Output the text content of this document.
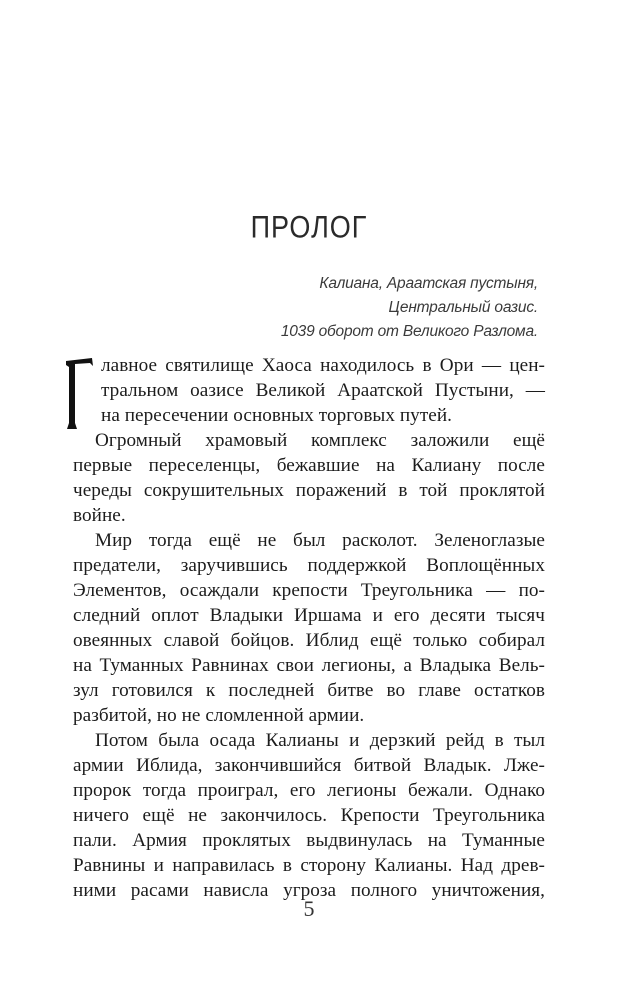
ПРОЛОГ
Калиана, Араатская пустыня,
Центральный оазис.
1039 оборот от Великого Разлома.
лавное святилище Хаоса находилось в Ори — цен-
тральном оазисе Великой Араатской Пустыни, —
на пересечении основных торговых путей.
Огромный храмовый комплекс заложили ещё
первые переселенцы, бежавшие на Калиану после
череды сокрушительных поражений в той проклятой
войне.
Мир тогда ещё не был расколот. Зеленоглазые
предатели, заручившись поддержкой Воплощённых
Элементов, осаждали крепости Треугольника — по-
следний оплот Владыки Иршама и его десяти тысяч
овеянных славой бойцов. Иблид ещё только собирал
на Туманных Равнинах свои легионы, а Владыка Вель-
зул готовился к последней битве во главе остатков
разбитой, но не сломленной армии.
Потом была осада Калианы и дерзкий рейд в тыл
армии Иблида, закончившийся битвой Владык. Лже-
пророк тогда проиграл, его легионы бежали. Однако
ничего ещё не закончилось. Крепости Треугольника
пали. Армия проклятых выдвинулась на Туманные
Равнины и направилась в сторону Калианы. Над древ-
ними расами нависла угроза полного уничтожения,
5
